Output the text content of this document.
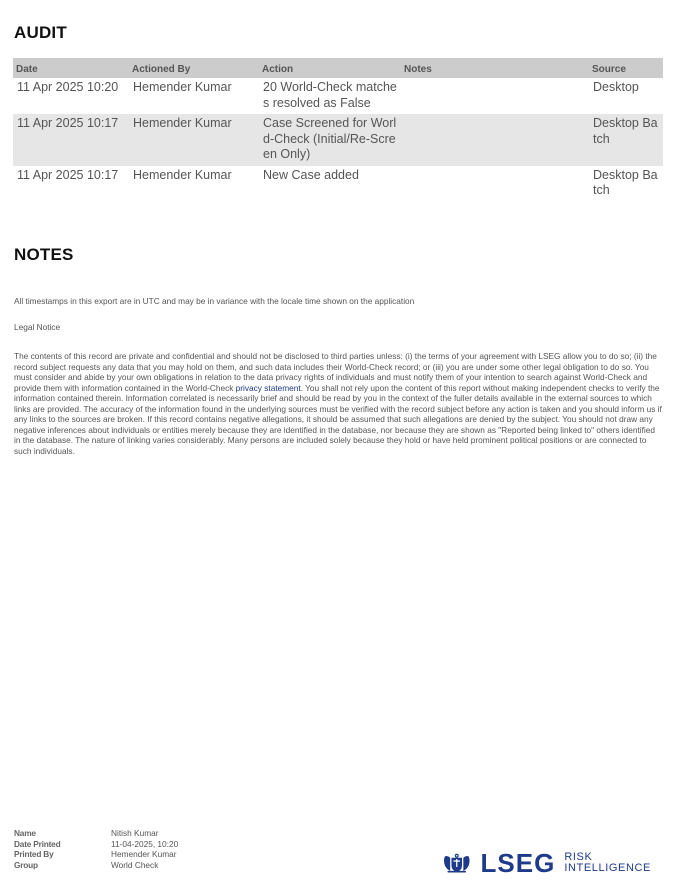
AUDIT
Date	Actioned By	Action	Notes	Source
11 Apr 2025 10:20	Hemender Kumar	20 World-Check matches resolved as False		Desktop
11 Apr 2025 10:17	Hemender Kumar	Case Screened for World-Check (Initial/Re-Screen Only)		Desktop Batch
11 Apr 2025 10:17	Hemender Kumar	New Case added		Desktop Batch
NOTES
All timestamps in this export are in UTC and may be in variance with the locale time shown on the application
Legal Notice
The contents of this record are private and confidential and should not be disclosed to third parties unless: (i) the terms of your agreement with LSEG allow you to do so; (ii) the record subject requests any data that you may hold on them, and such data includes their World-Check record; or (iii) you are under some other legal obligation to do so. You must consider and abide by your own obligations in relation to the data privacy rights of individuals and must notify them of your intention to search against World-Check and provide them with information contained in the World-Check privacy statement. You shall not rely upon the content of this report without making independent checks to verify the information contained therein. Information correlated is necessarily brief and should be read by you in the context of the fuller details available in the external sources to which links are provided. The accuracy of the information found in the underlying sources must be verified with the record subject before any action is taken and you should inform us if any links to the sources are broken. If this record contains negative allegations, it should be assumed that such allegations are denied by the subject. You should not draw any negative inferences about individuals or entities merely because they are identified in the database, nor because they are shown as "Reported being linked to" others identified in the database. The nature of linking varies considerably. Many persons are included solely because they hold or have held prominent political positions or are connected to such individuals.
Name	Nitish Kumar
Date Printed	11-04-2025, 10:20
Printed By	Hemender Kumar
Group	World Check	LSEG RISK
INTELLIGENCE
